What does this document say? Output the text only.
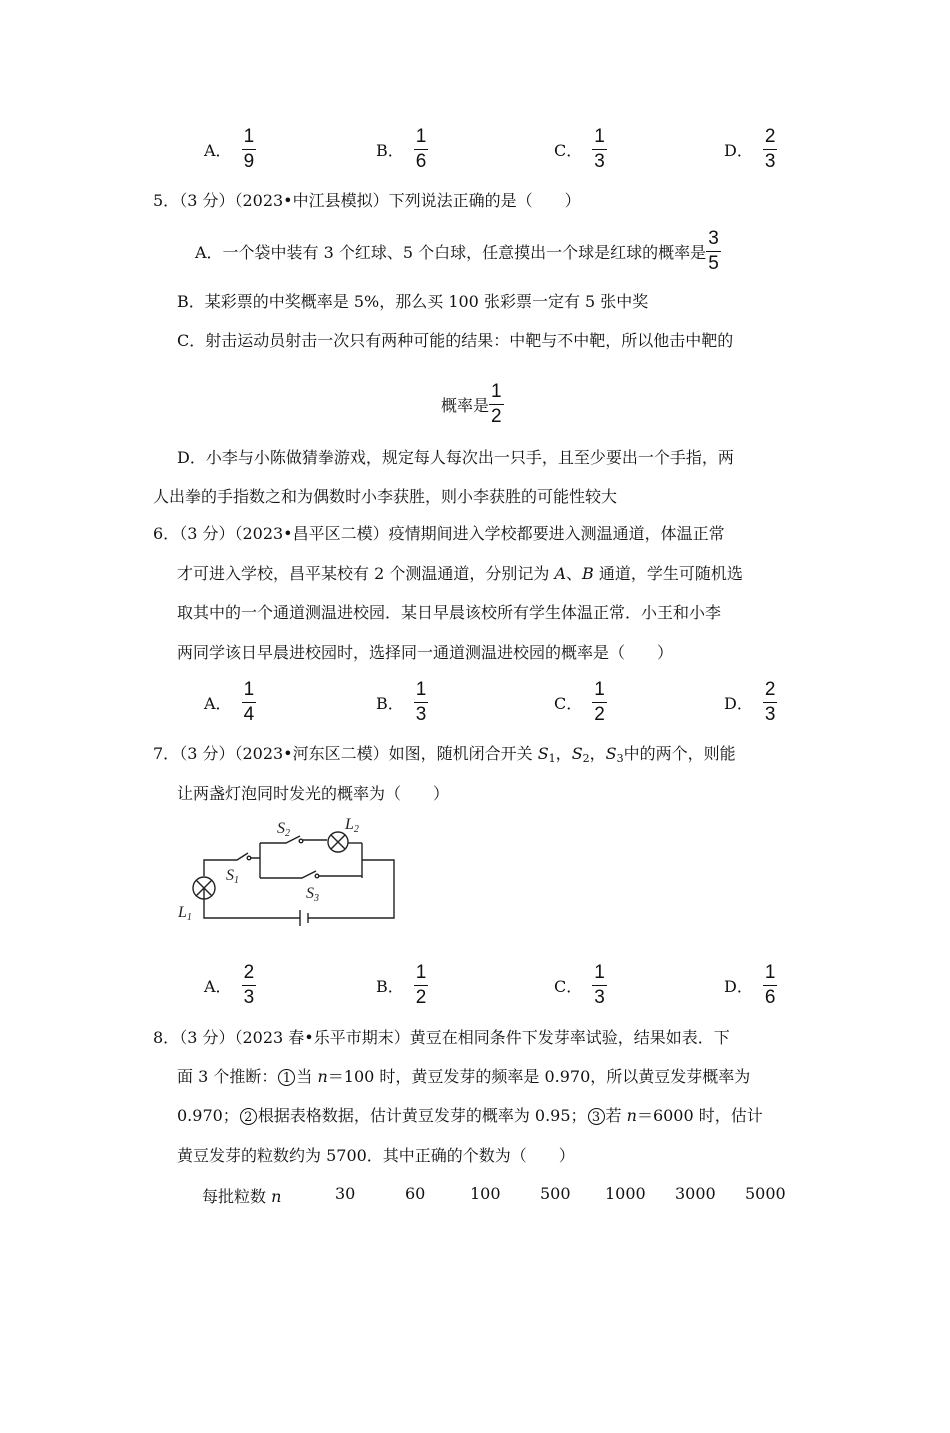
A． $\frac{1}{9}$	B． $\frac{1}{6}$	C． $\frac{1}{3}$	D． $\frac{2}{3}$
5．（3 分）（2023•中江县模拟）下列说法正确的是（　　）
A．一个袋中装有 3 个红球、5 个白球，任意摸出一个球是红球的概率是 $\frac{3}{5}$
B．某彩票的中奖概率是 5%，那么买 100 张彩票一定有 5 张中奖
C．射击运动员射击一次只有两种可能的结果：中靶与不中靶，所以他击中靶的
概率是 $\frac{1}{2}$
D．小李与小陈做猜拳游戏，规定每人每次出一只手，且至少要出一个手指，两
人出拳的手指数之和为偶数时小李获胜，则小李获胜的可能性较大
6．（3 分）（2023•昌平区二模）疫情期间进入学校都要进入测温通道，体温正常
才可进入学校，昌平某校有 2 个测温通道，分别记为 A、B 通道，学生可随机选
取其中的一个通道测温进校园．某日早晨该校所有学生体温正常．小王和小李
两同学该日早晨进校园时，选择同一通道测温进校园的概率是（　　）
A． $\frac{1}{4}$	B． $\frac{1}{3}$	C． $\frac{1}{2}$	D． $\frac{2}{3}$
7．（3 分）（2023•河东区二模）如图，随机闭合开关 $S_1$，$S_2$，$S_3$中的两个，则能
让两盏灯泡同时发光的概率为（　　）
S2
L2
S1
S3
L1
A． $\frac{2}{3}$	B． $\frac{1}{2}$	C． $\frac{1}{3}$	D． $\frac{1}{6}$
8．（3 分）（2023 春•乐平市期末）黄豆在相同条件下发芽率试验，结果如表．下
面 3 个推断： 1 当 n＝100 时，黄豆发芽的频率是 0.970，所以黄豆发芽概率为
0.970； 2 根据表格数据，估计黄豆发芽的概率为 0.95； 3 若 n＝6000 时，估计
黄豆发芽的粒数约为 5700．其中正确的个数为（　　）
每批粒数 n	30	60	100 500 1000 3000 5000
